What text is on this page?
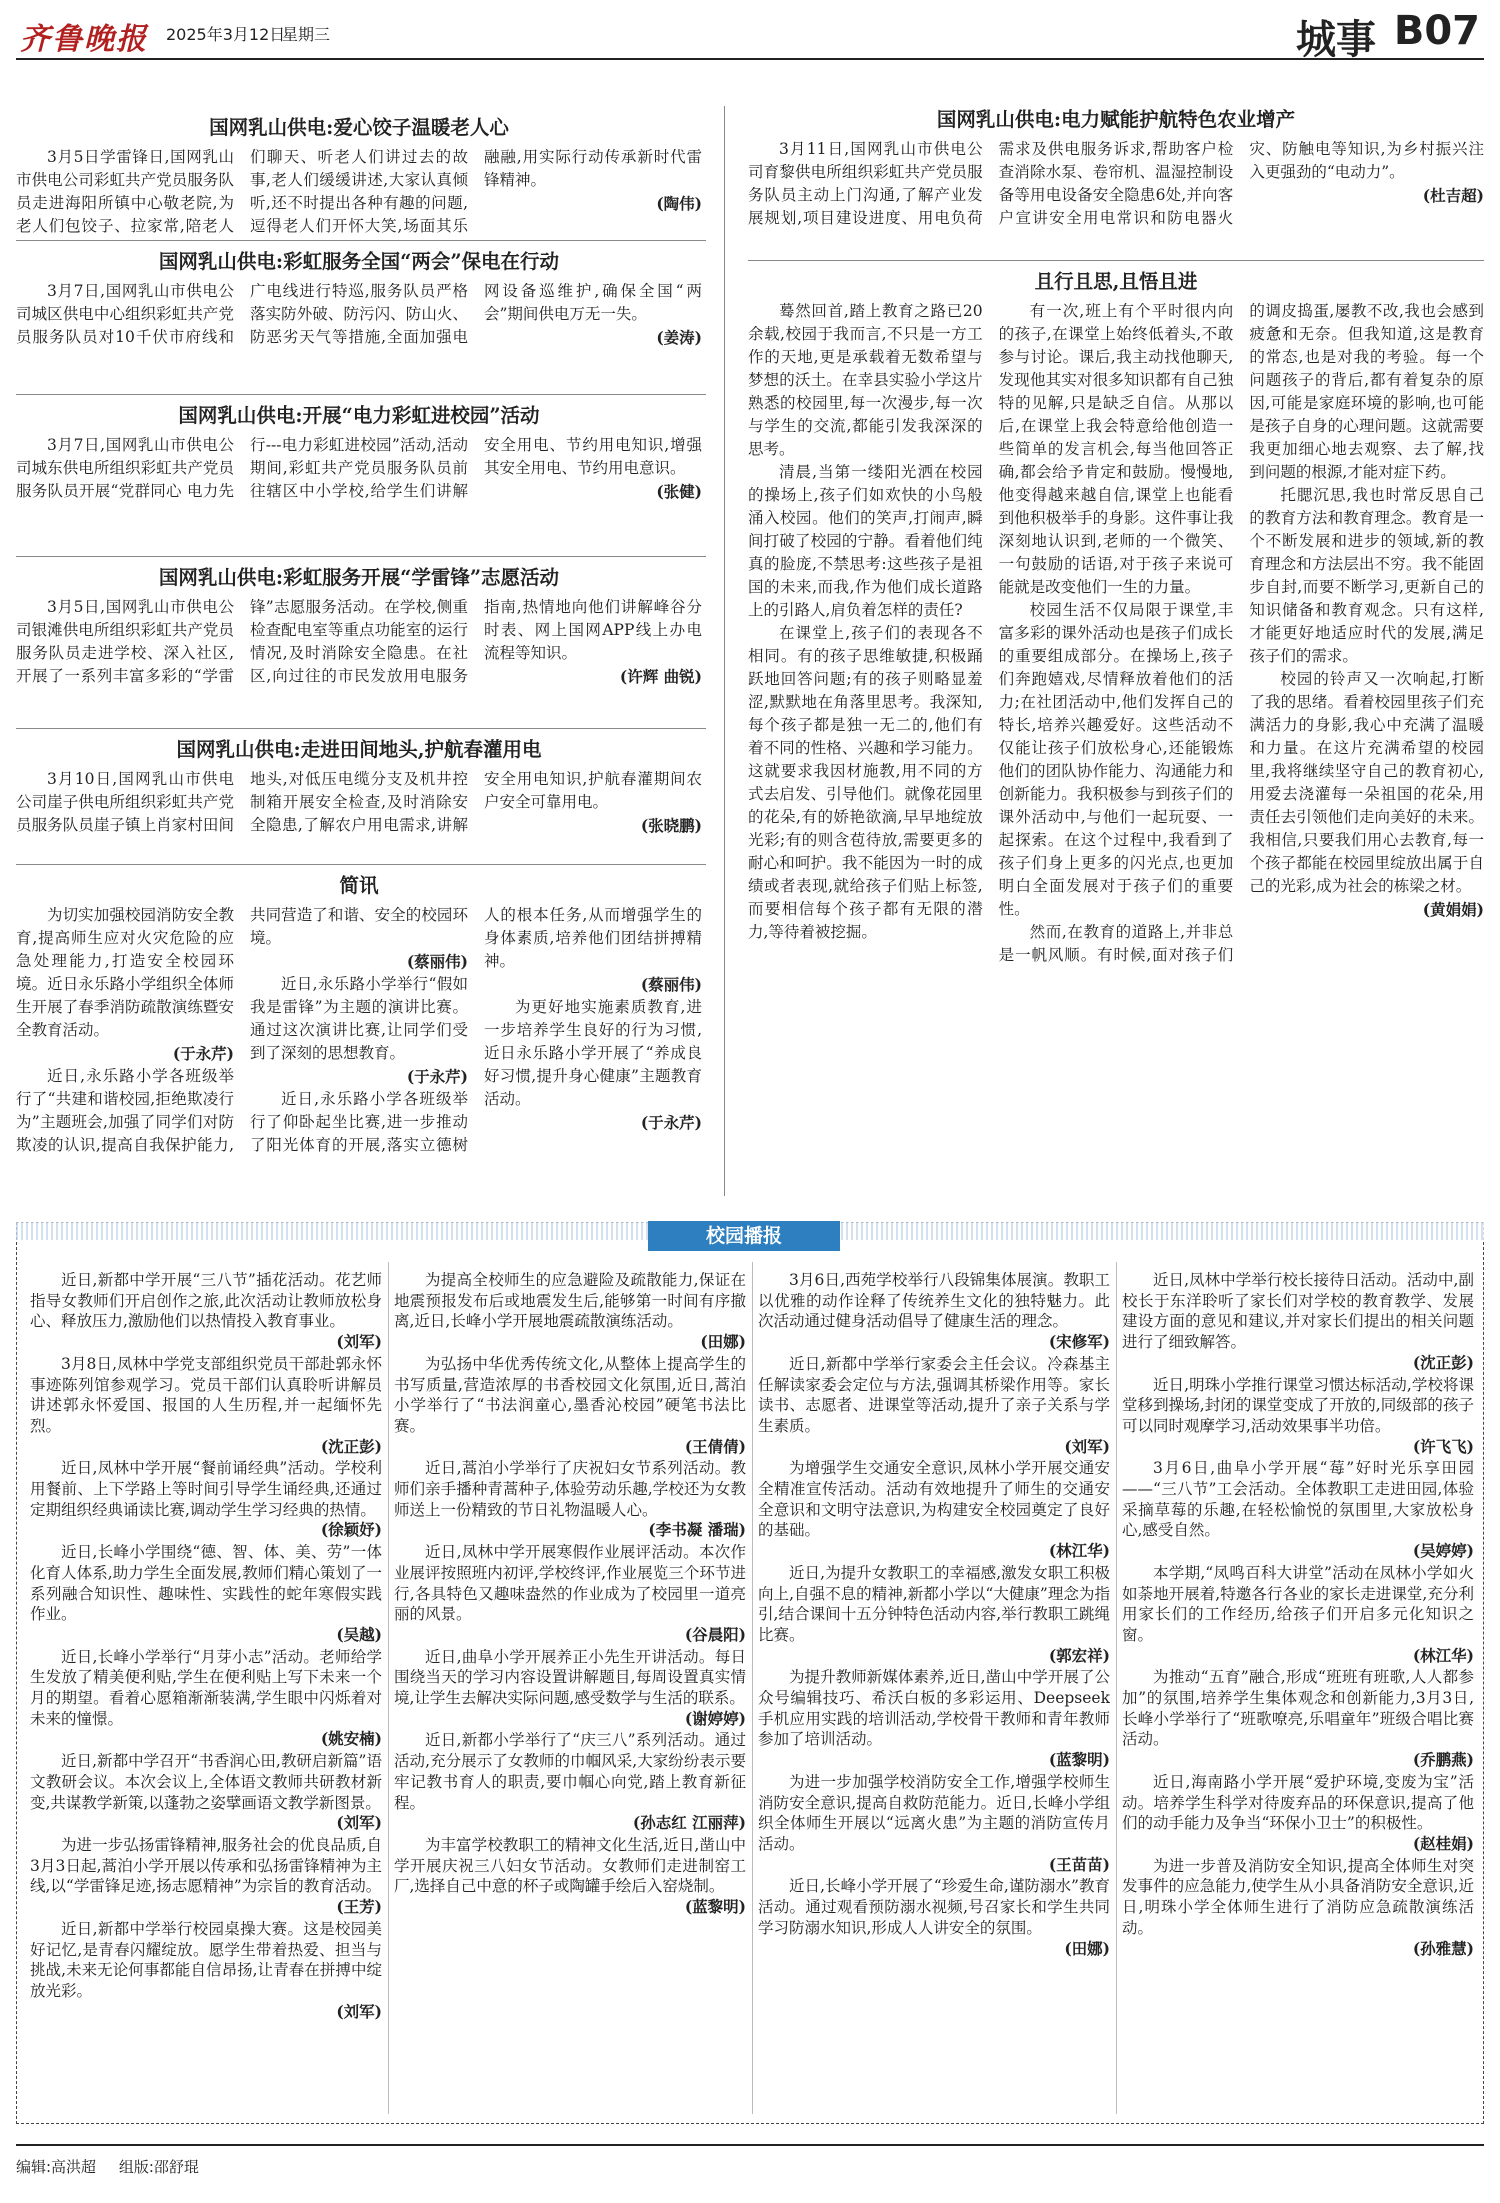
齐鲁晚报 2025年3月12日
星期三	城事 B07
国网乳山供电:爱心饺子温暖老人心

3月5日学雷锋日,国网乳山市供电公司彩虹共产党员服务队员走进海阳所镇中心敬老院,为老人们包饺子、拉家常,陪老人们聊天、听老人们讲过去的故事,老人们缓缓讲述,大家认真倾听,还不时提出各种有趣的问题,逗得老人们开怀大笑,场面其乐融融,用实际行动传承新时代雷锋精神。

(陶伟)
国网乳山供电:彩虹服务全国“两会”保电在行动

3月7日,国网乳山市供电公司城区供电中心组织彩虹共产党员服务队员对10千伏市府线和广电线进行特巡,服务队员严格落实防外破、防污闪、防山火、防恶劣天气等措施,全面加强电网设备巡维护,确保全国“两会”期间供电万无一失。

(姜涛)
国网乳山供电:开展“电力彩虹进校园”活动

3月7日,国网乳山市供电公司城东供电所组织彩虹共产党员服务队员开展“党群同心 电力先行---电力彩虹进校园”活动,活动期间,彩虹共产党员服务队员前往辖区中小学校,给学生们讲解安全用电、节约用电知识,增强其安全用电、节约用电意识。

(张健)
国网乳山供电:彩虹服务开展“学雷锋”志愿活动

3月5日,国网乳山市供电公司银滩供电所组织彩虹共产党员服务队员走进学校、深入社区,开展了一系列丰富多彩的“学雷锋”志愿服务活动。在学校,侧重检查配电室等重点功能室的运行情况,及时消除安全隐患。在社区,向过往的市民发放用电服务指南,热情地向他们讲解峰谷分时表、网上国网APP线上办电流程等知识。

(许辉 曲锐)
国网乳山供电:走进田间地头,护航春灌用电

3月10日,国网乳山市供电公司崖子供电所组织彩虹共产党员服务队员崖子镇上肖家村田间地头,对低压电缆分支及机井控制箱开展安全检查,及时消除安全隐患,了解农户用电需求,讲解安全用电知识,护航春灌期间农户安全可靠用电。

(张晓鹏)
简讯

为切实加强校园消防安全教育,提高师生应对火灾危险的应急处理能力,打造安全校园环境。近日永乐路小学组织全体师生开展了春季消防疏散演练暨安全教育活动。

(于永芹)

近日,永乐路小学各班级举行了“共建和谐校园,拒绝欺凌行为”主题班会,加强了同学们对防欺凌的认识,提高自我保护能力,共同营造了和谐、安全的校园环境。

(蔡丽伟)

近日,永乐路小学举行“假如我是雷锋”为主题的演讲比赛。通过这次演讲比赛,让同学们受到了深刻的思想教育。

(于永芹)

近日,永乐路小学各班级举行了仰卧起坐比赛,进一步推动了阳光体育的开展,落实立德树人的根本任务,从而增强学生的身体素质,培养他们团结拼搏精神。

(蔡丽伟)

为更好地实施素质教育,进一步培养学生良好的行为习惯,近日永乐路小学开展了“养成良好习惯,提升身心健康”主题教育活动。

(于永芹)
国网乳山供电:电力赋能护航特色农业增产

3月11日,国网乳山市供电公司育黎供电所组织彩虹共产党员服务队员主动上门沟通,了解产业发展规划,项目建设进度、用电负荷需求及供电服务诉求,帮助客户检查消除水泵、卷帘机、温湿控制设备等用电设备安全隐患6处,并向客户宣讲安全用电常识和防电器火灾、防触电等知识,为乡村振兴注入更强劲的“电动力”。

(杜吉超)
且行且思,且悟且进

蓦然回首,踏上教育之路已20余载,校园于我而言,不只是一方工作的天地,更是承载着无数希望与梦想的沃土。在幸县实验小学这片熟悉的校园里,每一次漫步,每一次与学生的交流,都能引发我深深的思考。

清晨,当第一缕阳光洒在校园的操场上,孩子们如欢快的小鸟般涌入校园。他们的笑声,打闹声,瞬间打破了校园的宁静。看着他们纯真的脸庞,不禁思考:这些孩子是祖国的未来,而我,作为他们成长道路上的引路人,肩负着怎样的责任?

在课堂上,孩子们的表现各不相同。有的孩子思维敏捷,积极踊跃地回答问题;有的孩子则略显羞涩,默默地在角落里思考。我深知,每个孩子都是独一无二的,他们有着不同的性格、兴趣和学习能力。这就要求我因材施教,用不同的方式去启发、引导他们。就像花园里的花朵,有的娇艳欲滴,早早地绽放光彩;有的则含苞待放,需要更多的耐心和呵护。我不能因为一时的成绩或者表现,就给孩子们贴上标签,而要相信每个孩子都有无限的潜力,等待着被挖掘。

有一次,班上有个平时很内向的孩子,在课堂上始终低着头,不敢参与讨论。课后,我主动找他聊天,发现他其实对很多知识都有自己独特的见解,只是缺乏自信。从那以后,在课堂上我会特意给他创造一些简单的发言机会,每当他回答正确,都会给予肯定和鼓励。慢慢地,他变得越来越自信,课堂上也能看到他积极举手的身影。这件事让我深刻地认识到,老师的一个微笑、一句鼓励的话语,对于孩子来说可能就是改变他们一生的力量。

校园生活不仅局限于课堂,丰富多彩的课外活动也是孩子们成长的重要组成部分。在操场上,孩子们奔跑嬉戏,尽情释放着他们的活力;在社团活动中,他们发挥自己的特长,培养兴趣爱好。这些活动不仅能让孩子们放松身心,还能锻炼他们的团队协作能力、沟通能力和创新能力。我积极参与到孩子们的课外活动中,与他们一起玩耍、一起探索。在这个过程中,我看到了孩子们身上更多的闪光点,也更加明白全面发展对于孩子们的重要性。

然而,在教育的道路上,并非总是一帆风顺。有时候,面对孩子们的调皮捣蛋,屡教不改,我也会感到疲惫和无奈。但我知道,这是教育的常态,也是对我的考验。每一个问题孩子的背后,都有着复杂的原因,可能是家庭环境的影响,也可能是孩子自身的心理问题。这就需要我更加细心地去观察、去了解,找到问题的根源,才能对症下药。

托腮沉思,我也时常反思自己的教育方法和教育理念。教育是一个不断发展和进步的领域,新的教育理念和方法层出不穷。我不能固步自封,而要不断学习,更新自己的知识储备和教育观念。只有这样,才能更好地适应时代的发展,满足孩子们的需求。

校园的铃声又一次响起,打断了我的思绪。看着校园里孩子们充满活力的身影,我心中充满了温暖和力量。在这片充满希望的校园里,我将继续坚守自己的教育初心,用爱去浇灌每一朵祖国的花朵,用责任去引领他们走向美好的未来。我相信,只要我们用心去教育,每一个孩子都能在校园里绽放出属于自己的光彩,成为社会的栋梁之材。

(黄娟娟)
校园播报

近日,新都中学开展“三八节”插花活动。花艺师指导女教师们开启创作之旅,此次活动让教师放松身心、释放压力,激励他们以热情投入教育事业。

(刘军)

3月8日,凤林中学党支部组织党员干部赴郭永怀事迹陈列馆参观学习。党员干部们认真聆听讲解员讲述郭永怀爱国、报国的人生历程,并一起缅怀先烈。

(沈正彭)

近日,凤林中学开展“餐前诵经典”活动。学校利用餐前、上下学路上等时间引导学生诵经典,还通过定期组织经典诵读比赛,调动学生学习经典的热情。

(徐颖妤)

近日,长峰小学围绕“德、智、体、美、劳”一体化育人体系,助力学生全面发展,教师们精心策划了一系列融合知识性、趣味性、实践性的蛇年寒假实践作业。

(吴越)

近日,长峰小学举行“月芽小志”活动。老师给学生发放了精美便利贴,学生在便利贴上写下未来一个月的期望。看着心愿箱渐渐装满,学生眼中闪烁着对未来的憧憬。

(姚安楠)

近日,新都中学召开“书香润心田,教研启新篇”语文教研会议。本次会议上,全体语文教师共研教材新变,共谋教学新策,以蓬勃之姿擘画语文教学新图景。

(刘军)

为进一步弘扬雷锋精神,服务社会的优良品质,自3月3日起,蒿泊小学开展以传承和弘扬雷锋精神为主线,以“学雷锋足迹,扬志愿精神”为宗旨的教育活动。

(王芳)

近日,新都中学举行校园桌操大赛。这是校园美好记忆,是青春闪耀绽放。愿学生带着热爱、担当与挑战,未来无论何事都能自信昂扬,让青春在拼搏中绽放光彩。

(刘军)

为提高全校师生的应急避险及疏散能力,保证在地震预报发布后或地震发生后,能够第一时间有序撤离,近日,长峰小学开展地震疏散演练活动。

(田娜)

为弘扬中华优秀传统文化,从整体上提高学生的书写质量,营造浓厚的书香校园文化氛围,近日,蒿泊小学举行了“书法润童心,墨香沁校园”硬笔书法比赛。

(王倩倩)

近日,蒿泊小学举行了庆祝妇女节系列活动。教师们亲手播种青蒿种子,体验劳动乐趣,学校还为女教师送上一份精致的节日礼物温暖人心。

(李书凝 潘瑞)

近日,凤林中学开展寒假作业展评活动。本次作业展评按照班内初评,学校终评,作业展览三个环节进行,各具特色又趣味盎然的作业成为了校园里一道亮丽的风景。

(谷晨阳)

近日,曲阜小学开展养正小先生开讲活动。每日围绕当天的学习内容设置讲解题目,每周设置真实情境,让学生去解决实际问题,感受数学与生活的联系。

(谢婷婷)

近日,新都小学举行了“庆三八”系列活动。通过活动,充分展示了女教师的巾帼风采,大家纷纷表示要牢记教书育人的职责,要巾帼心向党,踏上教育新征程。

(孙志红 江丽萍)

为丰富学校教职工的精神文化生活,近日,凿山中学开展庆祝三八妇女节活动。女教师们走进制窑工厂,选择自己中意的杯子或陶罐手绘后入窑烧制。

(蓝黎明)

3月6日,西苑学校举行八段锦集体展演。教职工以优雅的动作诠释了传统养生文化的独特魅力。此次活动通过健身活动倡导了健康生活的理念。

(宋修军)

近日,新都中学举行家委会主任会议。冷森基主任解读家委会定位与方法,强调其桥梁作用等。家长读书、志愿者、进课堂等活动,提升了亲子关系与学生素质。

(刘军)

为增强学生交通安全意识,凤林小学开展交通安全精准宣传活动。活动有效地提升了师生的交通安全意识和文明守法意识,为构建安全校园奠定了良好的基础。

(林江华)

近日,为提升女教职工的幸福感,激发女职工积极向上,自强不息的精神,新都小学以“大健康”理念为指引,结合课间十五分钟特色活动内容,举行教职工跳绳比赛。

(郭宏祥)

为提升教师新媒体素养,近日,凿山中学开展了公众号编辑技巧、希沃白板的多彩运用、Deepseek手机应用实践的培训活动,学校骨干教师和青年教师参加了培训活动。

(蓝黎明)

为进一步加强学校消防安全工作,增强学校师生消防安全意识,提高自救防范能力。近日,长峰小学组织全体师生开展以“远离火患”为主题的消防宣传月活动。

(王苗苗)

近日,长峰小学开展了“珍爱生命,谨防溺水”教育活动。通过观看预防溺水视频,号召家长和学生共同学习防溺水知识,形成人人讲安全的氛围。

(田娜)

近日,凤林中学举行校长接待日活动。活动中,副校长于东洋聆听了家长们对学校的教育教学、发展建设方面的意见和建议,并对家长们提出的相关问题进行了细致解答。

(沈正彭)

近日,明珠小学推行课堂习惯达标活动,学校将课堂移到操场,封闭的课堂变成了开放的,同级部的孩子可以同时观摩学习,活动效果事半功倍。

(许飞飞)

3月6日,曲阜小学开展“莓”好时光乐享田园——“三八节”工会活动。全体教职工走进田园,体验采摘草莓的乐趣,在轻松愉悦的氛围里,大家放松身心,感受自然。

(吴婷婷)

本学期,“凤鸣百科大讲堂”活动在凤林小学如火如荼地开展着,特邀各行各业的家长走进课堂,充分利用家长们的工作经历,给孩子们开启多元化知识之窗。

(林江华)

为推动“五育”融合,形成“班班有班歌,人人都参加”的氛围,培养学生集体观念和创新能力,3月3日,长峰小学举行了“班歌嘹亮,乐唱童年”班级合唱比赛活动。

(乔鹏燕)

近日,海南路小学开展“爱护环境,变废为宝”活动。培养学生科学对待废弃品的环保意识,提高了他们的动手能力及争当“环保小卫士”的积极性。

(赵桂娟)

为进一步普及消防安全知识,提高全体师生对突发事件的应急能力,使学生从小具备消防安全意识,近日,明珠小学全体师生进行了消防应急疏散演练活动。

(孙雅慧)
编辑:高洪超 组版:邵舒琨
